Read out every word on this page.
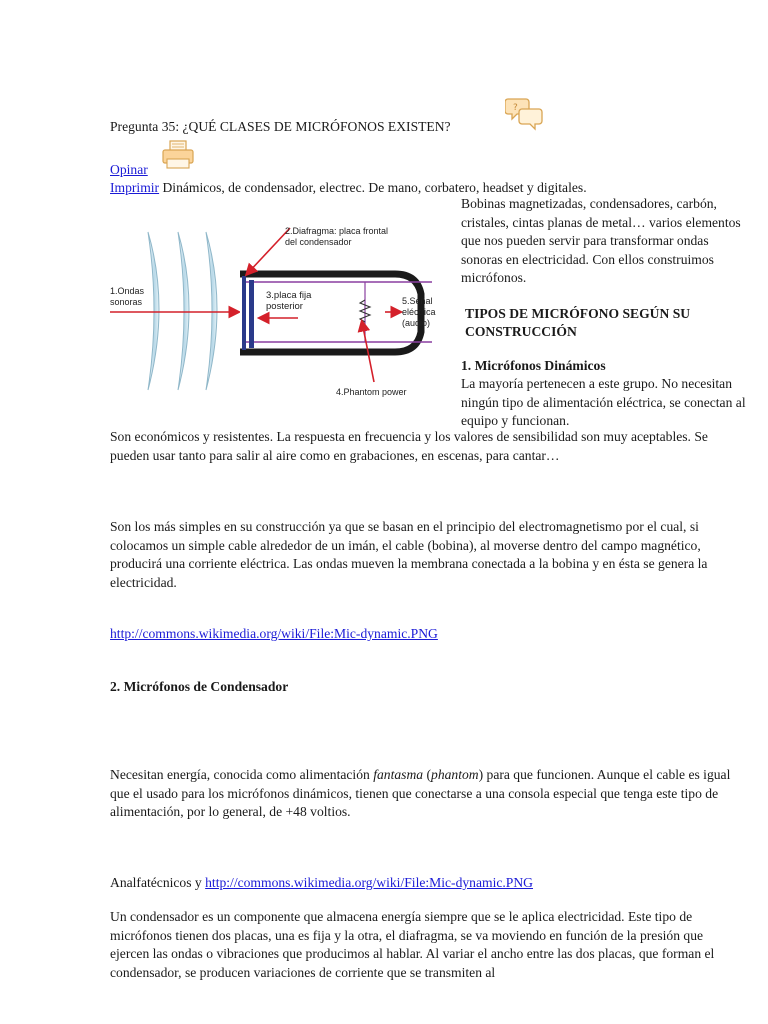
Pregunta 35: ¿QUÉ CLASES DE MICRÓFONOS EXISTEN?
?
Opinar
Imprimir Dinámicos, de condensador, electrec. De mano, corbatero, headset y digitales.
1.Ondas
sonoras
2.Diafragma: placa frontal
del condensador
3.placa fija
posterior	5.Señal
eléctrica
(audio)
4.Phantom power

Bobinas magnetizadas, condensadores, carbón, cristales, cintas planas de metal… varios elementos que nos pueden servir para transformar ondas sonoras en electricidad. Con ellos construimos micrófonos.

TIPOS DE MICRÓFONO SEGÚN SU CONSTRUCCIÓN

1. Micrófonos Dinámicos

La mayoría pertenecen a este grupo. No necesitan ningún tipo de alimentación eléctrica, se conectan al equipo y funcionan.

Son económicos y resistentes. La respuesta en frecuencia y los valores de sensibilidad son muy aceptables. Se pueden usar tanto para salir al aire como en grabaciones, en escenas, para cantar…
Son los más simples en su construcción ya que se basan en el principio del electromagnetismo por el cual, si colocamos un simple cable alrededor de un imán, el cable (bobina), al moverse dentro del campo magnético, producirá una corriente eléctrica. Las ondas mueven la membrana conectada a la bobina y en ésta se genera la electricidad.
http://commons.wikimedia.org/wiki/File:Mic-dynamic.PNG
2. Micrófonos de Condensador
Necesitan energía, conocida como alimentación fantasma (phantom) para que funcionen. Aunque el cable es igual que el usado para los micrófonos dinámicos, tienen que conectarse a una consola especial que tenga este tipo de alimentación, por lo general, de +48 voltios.
Analfatécnicos y http://commons.wikimedia.org/wiki/File:Mic-dynamic.PNG
Un condensador es un componente que almacena energía siempre que se le aplica electricidad. Este tipo de micrófonos tienen dos placas, una es fija y la otra, el diafragma, se va moviendo en función de la presión que ejercen las ondas o vibraciones que producimos al hablar. Al variar el ancho entre las dos placas, que forman el condensador, se producen variaciones de corriente que se transmiten al
